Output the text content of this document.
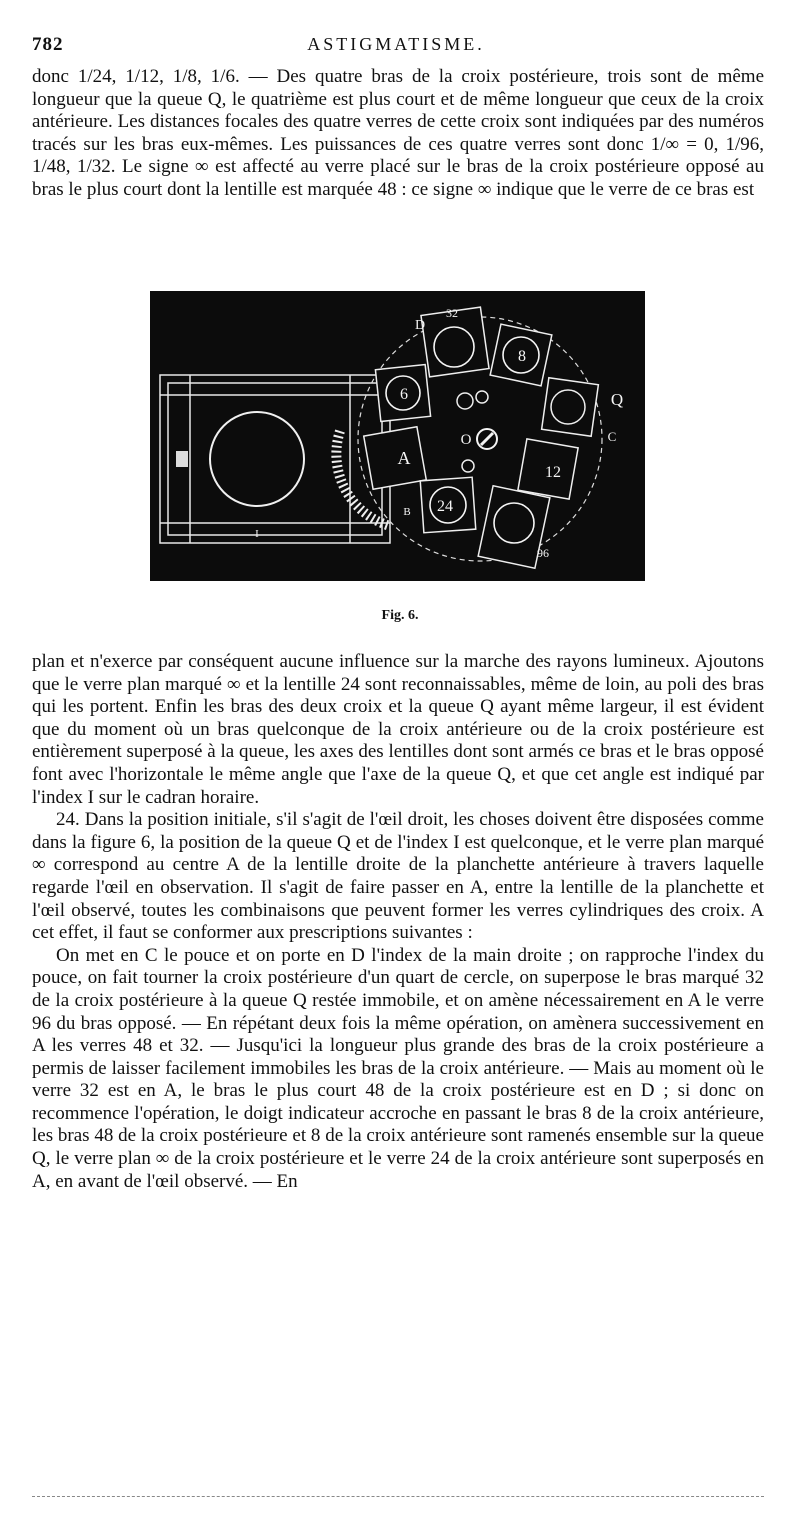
782	ASTIGMATISME.

donc 1/24, 1/12, 1/8, 1/6. — Des quatre bras de la croix postérieure, trois sont de même longueur que la queue Q, le quatrième est plus court et de même longueur que ceux de la croix antérieure. Les distances focales des quatre verres de cette croix sont indiquées par des numéros tracés sur les bras eux-mêmes. Les puissances de ces quatre verres sont donc 1/∞ = 0, 1/96, 1/48, 1/32. Le signe ∞ est affecté au verre placé sur le bras de la croix postérieure opposé au bras le plus court dont la lentille est marquée 48 : ce signe ∞ indique que le verre de ce bras est

D
32
8
6	Q
C
O
A
12
24
B
96
I
Fig. 6.

plan et n'exerce par conséquent aucune influence sur la marche des rayons lumineux. Ajoutons que le verre plan marqué ∞ et la lentille 24 sont reconnaissables, même de loin, au poli des bras qui les portent. Enfin les bras des deux croix et la queue Q ayant même largeur, il est évident que du moment où un bras quelconque de la croix antérieure ou de la croix postérieure est entièrement superposé à la queue, les axes des lentilles dont sont armés ce bras et le bras opposé font avec l'horizontale le même angle que l'axe de la queue Q, et que cet angle est indiqué par l'index I sur le cadran horaire.

24. Dans la position initiale, s'il s'agit de l'œil droit, les choses doivent être disposées comme dans la figure 6, la position de la queue Q et de l'index I est quelconque, et le verre plan marqué ∞ correspond au centre A de la lentille droite de la planchette antérieure à travers laquelle regarde l'œil en observation. Il s'agit de faire passer en A, entre la lentille de la planchette et l'œil observé, toutes les combinaisons que peuvent former les verres cylindriques des croix. A cet effet, il faut se conformer aux prescriptions suivantes :

On met en C le pouce et on porte en D l'index de la main droite ; on rapproche l'index du pouce, on fait tourner la croix postérieure d'un quart de cercle, on superpose le bras marqué 32 de la croix postérieure à la queue Q restée immobile, et on amène nécessairement en A le verre 96 du bras opposé. — En répétant deux fois la même opération, on amènera successivement en A les verres 48 et 32. — Jusqu'ici la longueur plus grande des bras de la croix postérieure a permis de laisser facilement immobiles les bras de la croix antérieure. — Mais au moment où le verre 32 est en A, le bras le plus court 48 de la croix postérieure est en D ; si donc on recommence l'opération, le doigt indicateur accroche en passant le bras 8 de la croix antérieure, les bras 48 de la croix postérieure et 8 de la croix antérieure sont ramenés ensemble sur la queue Q, le verre plan ∞ de la croix postérieure et le verre 24 de la croix antérieure sont superposés en A, en avant de l'œil observé. — En
